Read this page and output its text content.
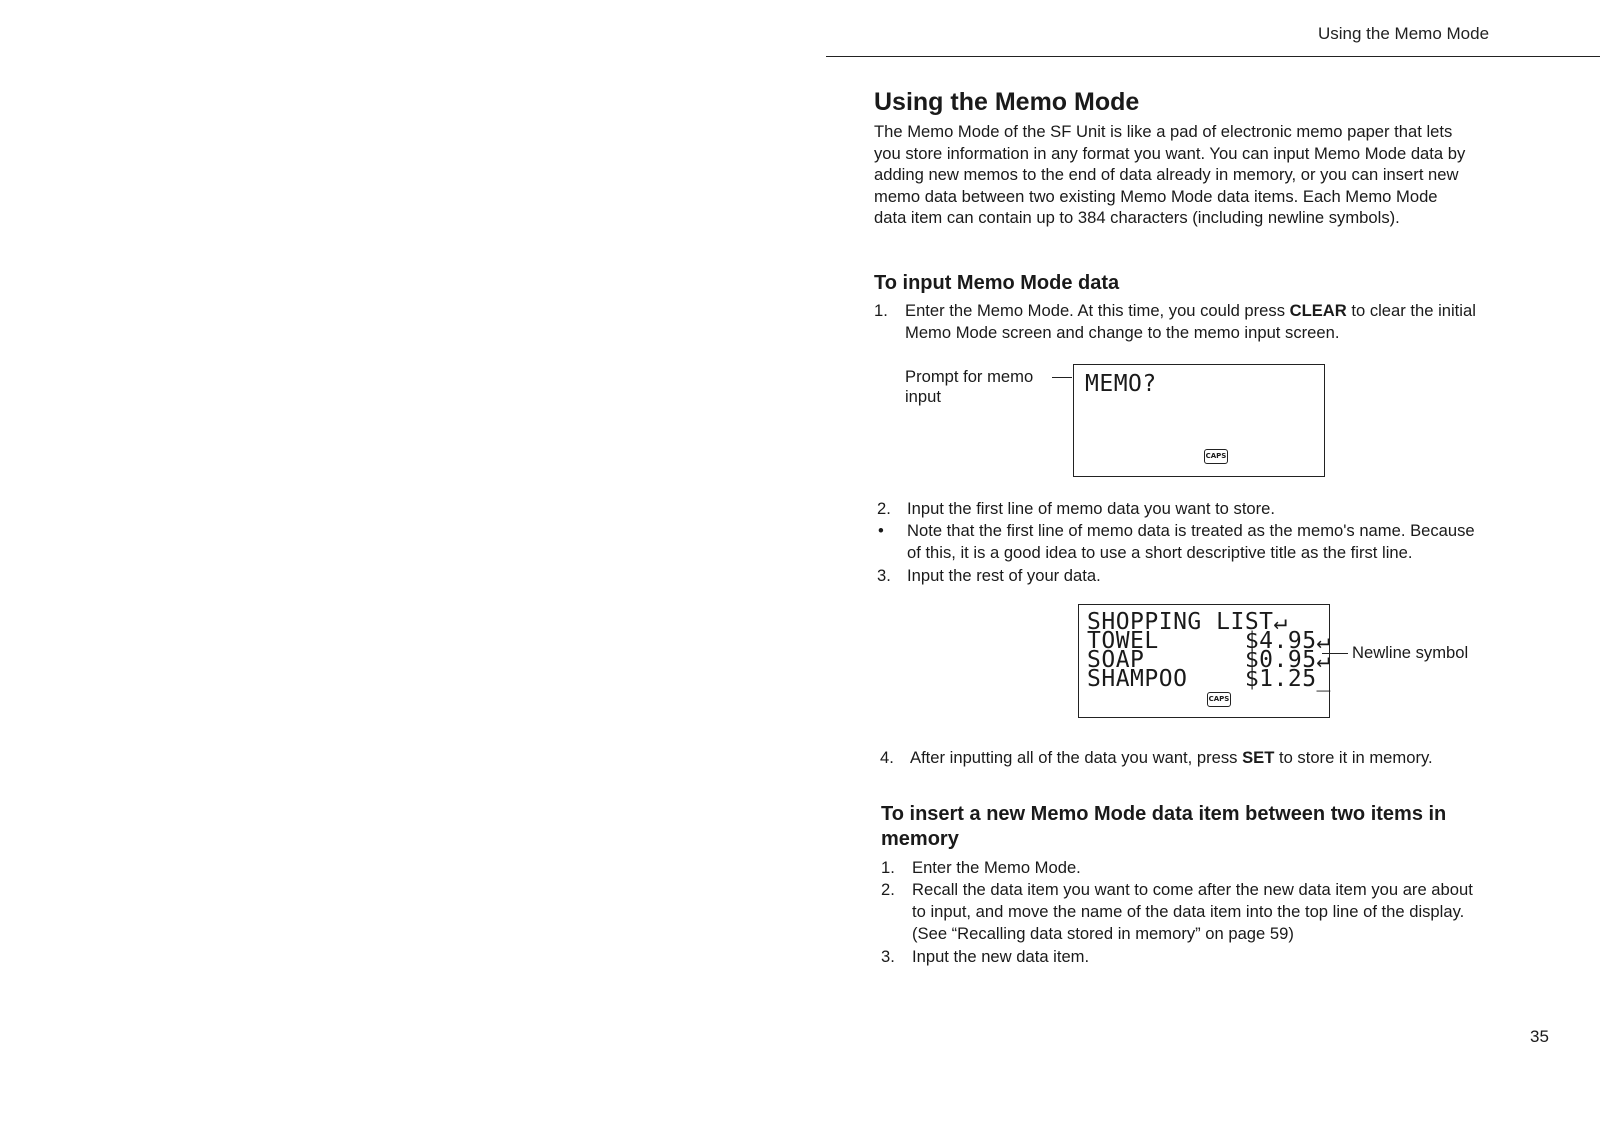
Using the Memo Mode
Using the Memo Mode
The Memo Mode of the SF Unit is like a pad of electronic memo paper that lets
you store information in any format you want. You can input Memo Mode data by
adding new memos to the end of data already in memory, or you can insert new
memo data between two existing Memo Mode data items. Each Memo Mode
data item can contain up to 384 characters (including newline symbols).
To input Memo Mode data
1.	Enter the Memo Mode. At this time, you could press CLEAR to clear the initial
Memo Mode screen and change to the memo input screen.
Prompt for memo
input	MEMO?
CAPS
2. Input the first line of memo data you want to store.
•	Note that the first line of memo data is treated as the memo's name. Because
of this, it is a good idea to use a short descriptive title as the first line.
3. Input the rest of your data.
SHOPPING LIST↵
TOWEL      $4.95↵
SOAP       $0.95↵
SHAMPOO    $1.25_
CAPS
Newline symbol
4. After inputting all of the data you want, press SET to store it in memory.
To insert a new Memo Mode data item between two items in
memory
1.	Enter the Memo Mode.
2.	Recall the data item you want to come after the new data item you are about
to input, and move the name of the data item into the top line of the display.
(See “Recalling data stored in memory” on page 59)
3.	Input the new data item.
35
